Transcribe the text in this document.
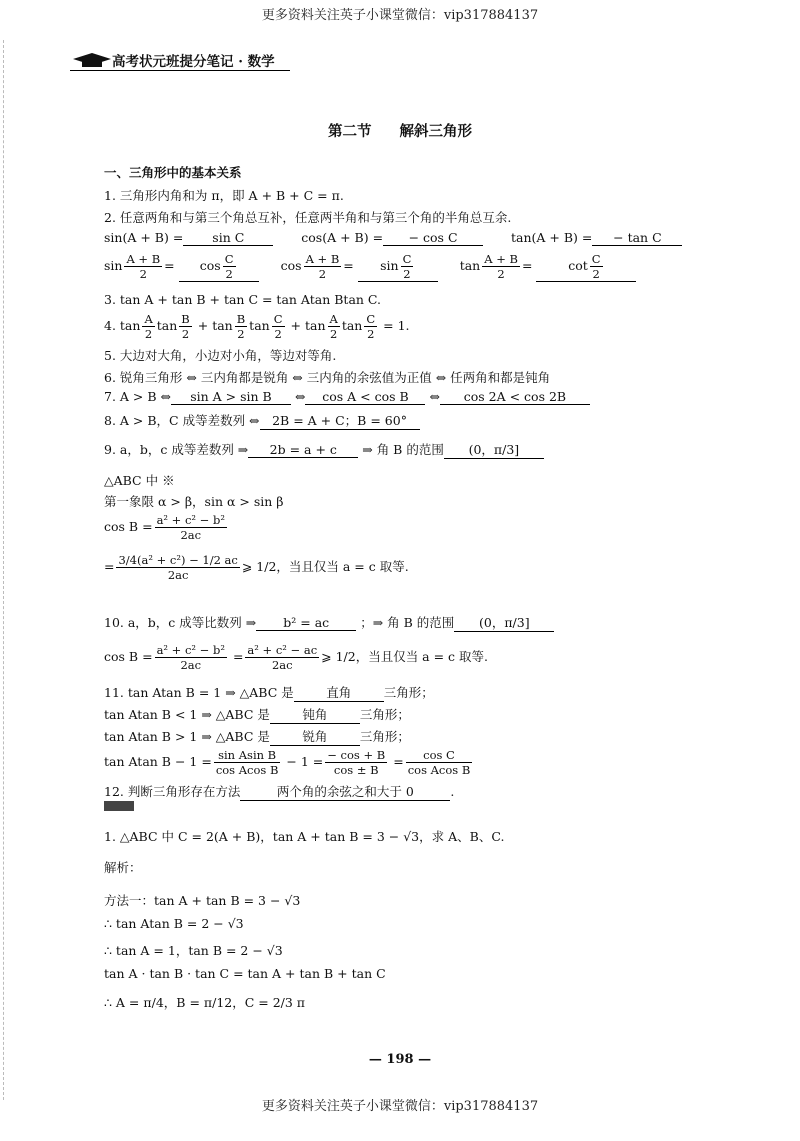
更多资料关注英子小课堂微信：vip317884137
高考状元班提分笔记 · 数学
第二节 解斜三角形
一、三角形中的基本关系
1. 三角形内角和为 π，即 A + B + C = π.
2. 任意两角和与第三个角总互补，任意两半角和与第三个角的半角总互余.
sin(A + B) = sin C	cos(A + B) = − cos C	tan(A + B) = − tan C
$\sin \frac{A + B}{2} = \cos \frac{C}{2}$	$\cos \frac{A + B}{2} = \sin \frac{C}{2}$	$\tan \frac{A + B}{2}$ =	$\cot \frac{C}{2}$
3. tan A + tan B + tan C = tan Atan Btan C.
4. $\tan \frac{A}{2}$ $\tan \frac{B}{2} + \tan \frac{B}{2}$ $\tan \frac{C}{2} + \tan \frac{A}{2}$ $\tan \frac{C}{2} = 1$.
5. 大边对大角，小边对小角，等边对等角.
6. 锐角三角形 ⇔ 三内角都是锐角 ⇔ 三内角的余弦值为正值 ⇔ 任两角和都是钝角
7. A > B ⇔ sin A > sin B ⇔ cos A < cos B ⇔ cos 2A < cos 2B
8. A > B，C 成等差数列 ⇔ 2B = A + C；B = 60°
9. a，b，c 成等差数列 ⇒ 2b = a + c ⇒ 角 B 的范围 (0，π/3]
△ABC 中 ※
第一象限 α > β，sin α > sin β
$\cos B = \frac{\text{a² + c² − b²}}{2ac}$
= $\frac{\text{3/4(a² + c²) − 1/2 ac}}{2ac}$ ⩾ 1/2，当且仅当 a = c 取等.
10. a，b，c 成等比数列 ⇒ b² = ac ；⇒ 角 B 的范围 (0，π/3]
$\cos B = \frac{\text{a² + c² − b²}}{2ac} = \frac{\text{a² + c² − ac}}{2ac}$ ⩾ 1/2，当且仅当 a = c 取等.
11. tan Atan B = 1 ⇒ △ABC 是	直角	三角形；
tan Atan B < 1 ⇒ △ABC 是	钝角	三角形；
tan Atan B > 1 ⇒ △ABC 是	锐角	三角形；
tan Atan $B - 1 = \frac{\text{sin Asin B}}{\text{cos Acos B}} - 1 = \frac{- \cos + B}{\cos \pm B} = \frac{\text{cos C}}{\text{cos Acos B}}$
12. 判断三角形存在方法	两个角的余弦之和大于 0	.
1. △ABC 中 C = 2(A + B)，tan A + tan B = 3 − √3，求 A、B、C.
解析：
方法一：tan A + tan B = 3 − √3
∴ tan Atan B = 2 − √3
∴ tan A = 1，tan B = 2 − √3
tan A · tan B · tan C = tan A + tan B + tan C
∴ A = π/4，B = π/12，C = 2/3 π
— 198 —
更多资料关注英子小课堂微信：vip317884137
